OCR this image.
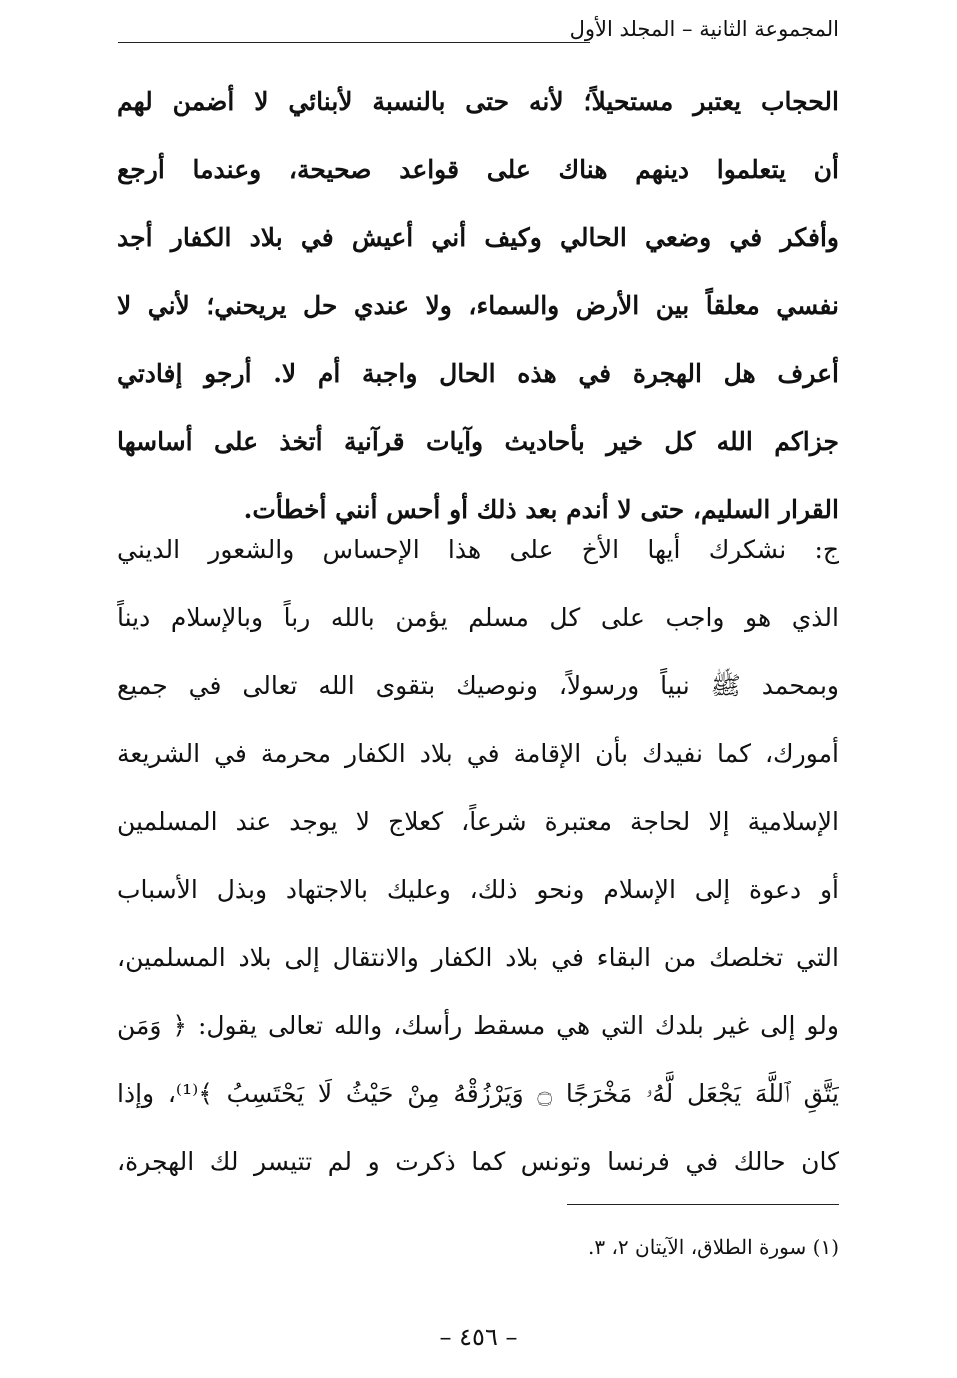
المجموعة الثانية – المجلد الأول
الحجاب يعتبر مستحيلاً؛ لأنه حتى بالنسبة لأبنائي لا أضمن لهم
أن يتعلموا دينهم هناك على قواعد صحيحة، وعندما أرجع
وأفكر في وضعي الحالي وكيف أني أعيش في بلاد الكفار أجد
نفسي معلقاً بين الأرض والسماء، ولا عندي حل يريحني؛ لأني لا
أعرف هل الهجرة في هذه الحال واجبة أم لا. أرجو إفادتي
جزاكم الله كل خير بأحاديث وآيات قرآنية أتخذ على أساسها
القرار السليم، حتى لا أندم بعد ذلك أو أحس أنني أخطأت.
ج: نشكرك أيها الأخ على هذا الإحساس والشعور الديني
الذي هو واجب على كل مسلم يؤمن بالله رباً وبالإسلام ديناً
وبمحمد ﷺ نبياً ورسولاً، ونوصيك بتقوى الله تعالى في جميع
أمورك، كما نفيدك بأن الإقامة في بلاد الكفار محرمة في الشريعة
الإسلامية إلا لحاجة معتبرة شرعاً، كعلاج لا يوجد عند المسلمين
أو دعوة إلى الإسلام ونحو ذلك، وعليك بالاجتهاد وبذل الأسباب
التي تخلصك من البقاء في بلاد الكفار والانتقال إلى بلاد المسلمين،
ولو إلى غير بلدك التي هي مسقط رأسك، والله تعالى يقول: ﴿ وَمَن
يَتَّقِ ٱللَّهَ يَجْعَل لَّهُۥ مَخْرَجًا ۝ وَيَرْزُقْهُ مِنْ حَيْثُ لَا يَحْتَسِبُ ﴾⁽¹⁾، وإذا
كان حالك في فرنسا وتونس كما ذكرت و لم تتيسر لك الهجرة،
(١) سورة الطلاق، الآيتان ٢، ٣.
– ٤٥٦ –
